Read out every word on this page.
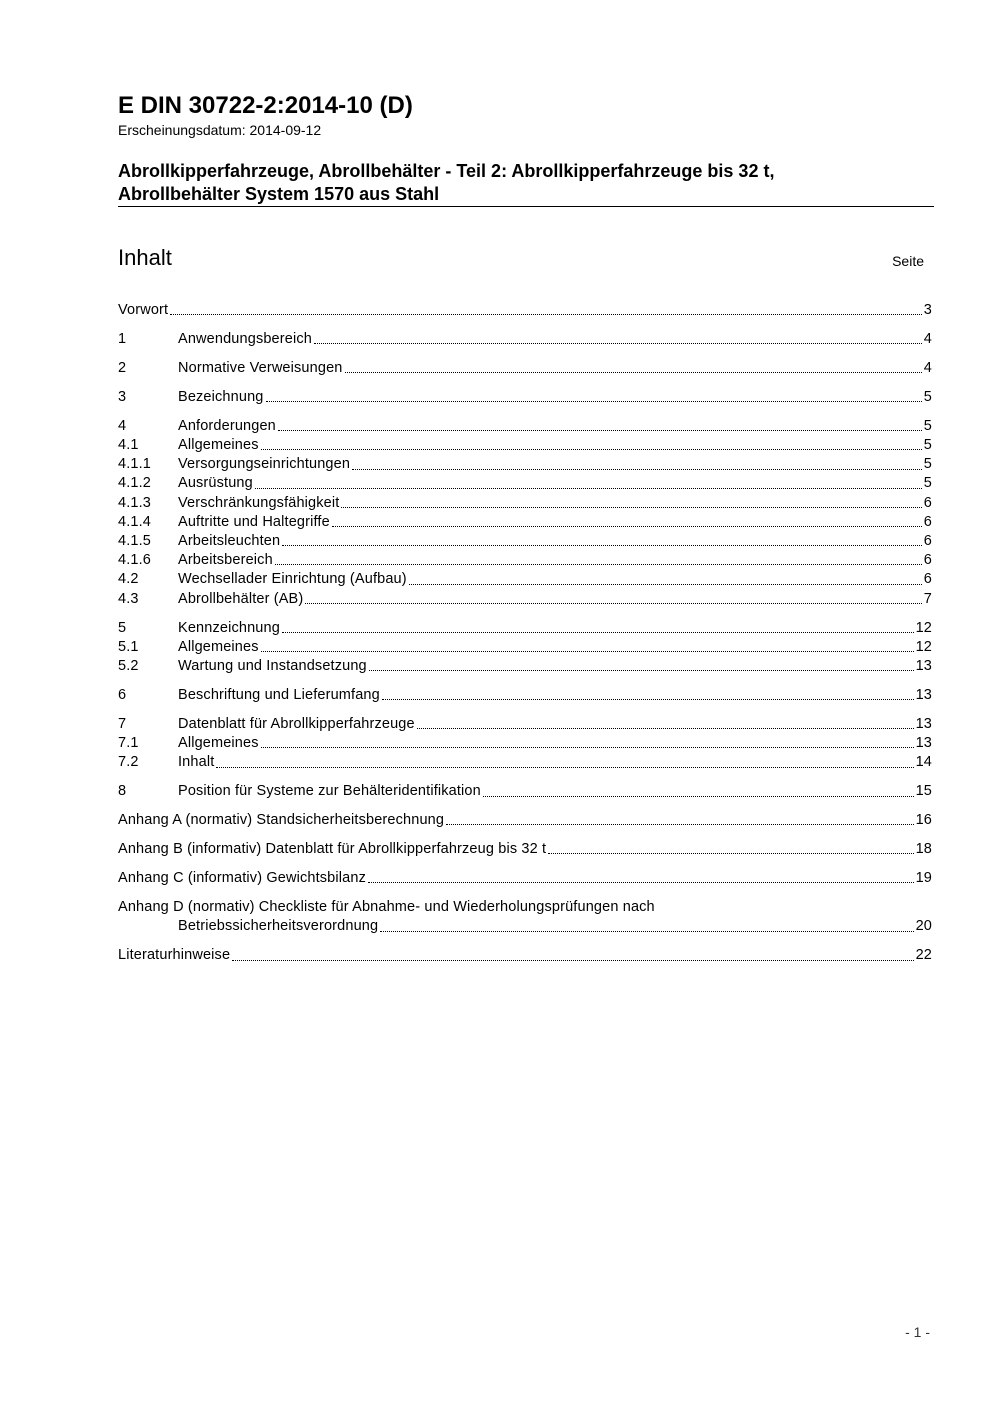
E DIN 30722-2:2014-10 (D)
Erscheinungsdatum: 2014-09-12
Abrollkipperfahrzeuge, Abrollbehälter - Teil 2: Abrollkipperfahrzeuge bis 32 t,
Abrollbehälter System 1570 aus Stahl
Inhalt	Seite
Vorwort	3
1	Anwendungsbereich	4
2	Normative Verweisungen	4
3	Bezeichnung	5
4	Anforderungen	5
4.1	Allgemeines	5
4.1.1	Versorgungseinrichtungen	5
4.1.2	Ausrüstung	5
4.1.3	Verschränkungsfähigkeit	6
4.1.4	Auftritte und Haltegriffe	6
4.1.5	Arbeitsleuchten	6
4.1.6	Arbeitsbereich	6
4.2	Wechsellader Einrichtung (Aufbau)	6
4.3	Abrollbehälter (AB)	7
5	Kennzeichnung	12
5.1	Allgemeines	12
5.2	Wartung und Instandsetzung	13
6	Beschriftung und Lieferumfang	13
7	Datenblatt für Abrollkipperfahrzeuge	13
7.1	Allgemeines	13
7.2	Inhalt	14
8	Position für Systeme zur Behälteridentifikation	15
Anhang A (normativ) Standsicherheitsberechnung	16
Anhang B (informativ) Datenblatt für Abrollkipperfahrzeug bis 32 t	18
Anhang C (informativ) Gewichtsbilanz	19
Anhang D (normativ) Checkliste für Abnahme- und Wiederholungsprüfungen nach
Betriebssicherheitsverordnung	20
Literaturhinweise	22
- 1 -
